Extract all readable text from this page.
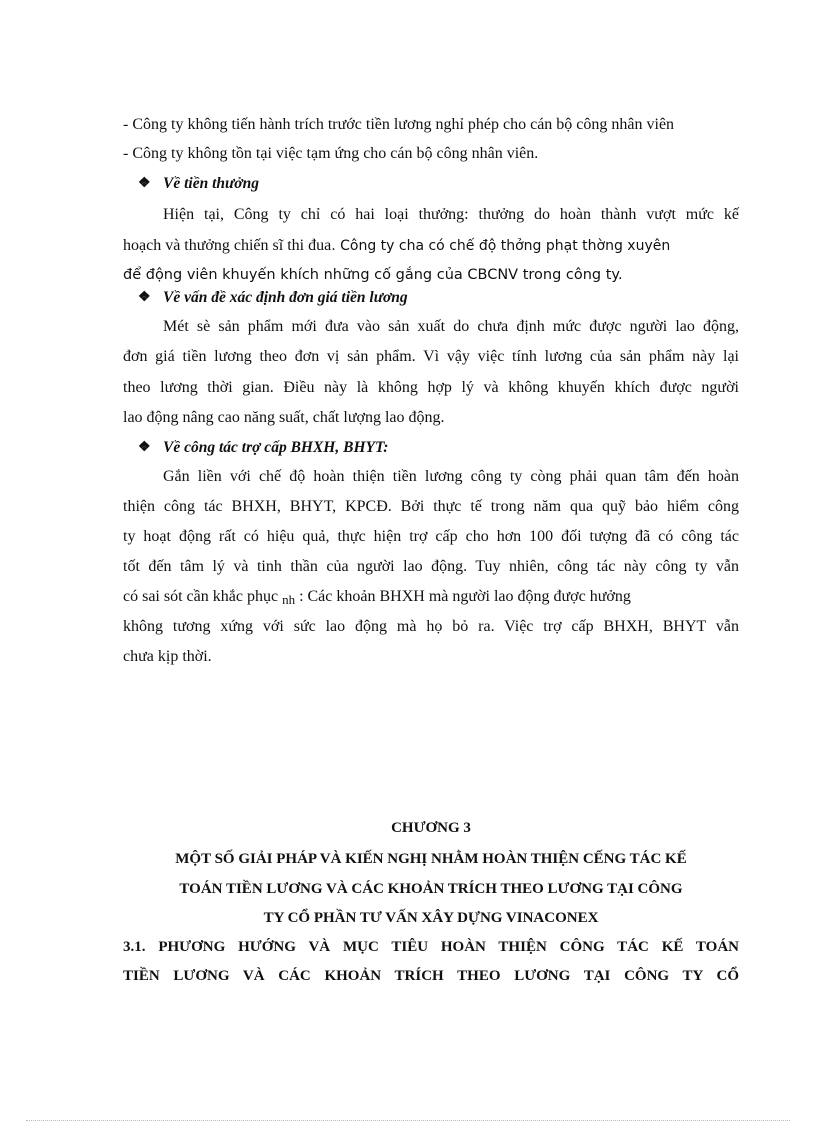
- Công ty không tiến hành trích trước tiền lương nghỉ phép cho cán bộ công nhân viên
- Công ty không tồn tại việc tạm ứng cho cán bộ công nhân viên.
❖ Về tiền thưởng
Hiện tại, Công ty chỉ có hai loại thưởng: thưởng do hoàn thành vượt mức kế
hoạch và thưởng chiến sĩ thi đua. Công ty cha có chế độ thởng phạt thờng xuyên
để động viên khuyến khích những cố gắng của CBCNV trong công ty.
❖ Về vấn đề xác định đơn giá tiền lương
Mét sè sản phẩm mới đưa vào sản xuất do chưa định mức được người lao động,
đơn giá tiền lương theo đơn vị sản phẩm. Vì vậy việc tính lương của sản phẩm này lại
theo lương thời gian. Điều này là không hợp lý và không khuyến khích được người
lao động nâng cao năng suất, chất lượng lao động.
❖ Về công tác trợ cấp BHXH, BHYT:
Gắn liền với chế độ hoàn thiện tiền lương công ty còng phải quan tâm đến hoàn
thiện công tác BHXH, BHYT, KPCĐ. Bởi thực tế trong năm qua quỹ bảo hiểm công
ty hoạt động rất có hiệu quả, thực hiện trợ cấp cho hơn 100 đối tượng đã có công tác
tốt đến tâm lý và tinh thần của người lao động. Tuy nhiên, công tác này công ty vẫn
có sai sót cần khắc phục nh : Các khoản BHXH mà người lao động được hưởng
không tương xứng với sức lao động mà họ bỏ ra. Việc trợ cấp BHXH, BHYT vẫn
chưa kịp thời.
CHƯƠNG 3
MỘT SỐ GIẢI PHÁP VÀ KIẾN NGHỊ NHẰM HOÀN THIỆN CẾNG TÁC KẾ
TOÁN TIỀN LƯƠNG VÀ CÁC KHOẢN TRÍCH THEO LƯƠNG TẠI CÔNG
TY CỔ PHẦN TƯ VẤN XÂY DỰNG VINACONEX
3.1. PHƯƠNG HƯỚNG VÀ MỤC TIÊU HOÀN THIỆN CÔNG TÁC KẾ TOÁN
TIỀN LƯƠNG VÀ CÁC KHOẢN TRÍCH THEO LƯƠNG TẠI CÔNG TY CỔ
